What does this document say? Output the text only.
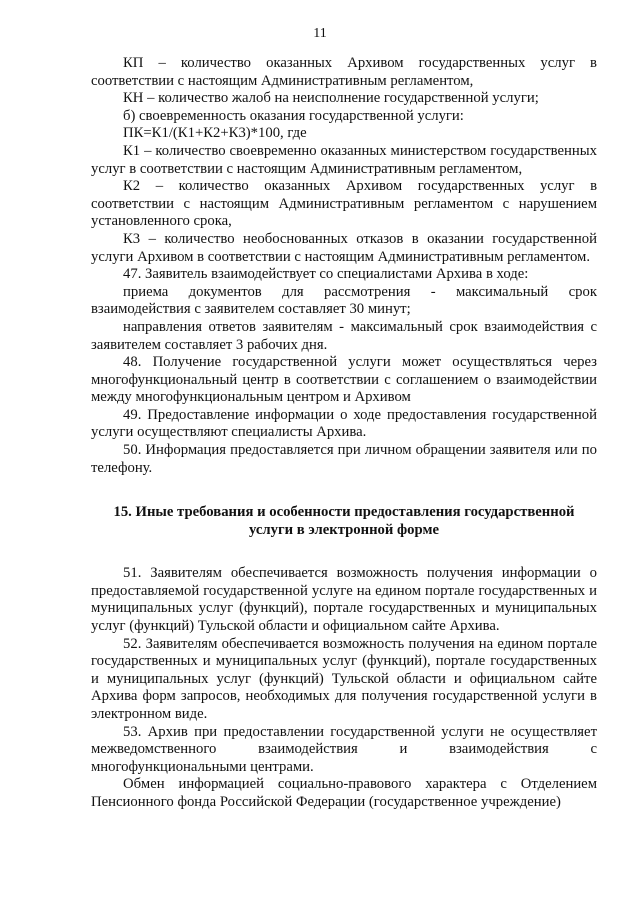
11

КП – количество оказанных Архивом государственных услуг в соответствии с настоящим Административным регламентом,

КН – количество жалоб на неисполнение государственной услуги;

б) своевременность оказания государственной услуги:

ПК=К1/(К1+К2+К3)*100, где

К1 – количество своевременно оказанных министерством государственных услуг в соответствии с настоящим Административным регламентом,

К2 – количество оказанных Архивом государственных услуг в соответствии с настоящим Административным регламентом с нарушением установленного срока,

К3 – количество необоснованных отказов в оказании государственной услуги Архивом в соответствии с настоящим Административным регламентом.

47. Заявитель взаимодействует со специалистами Архива в ходе:

приема документов для рассмотрения - максимальный срок взаимодействия с заявителем составляет 30 минут;

направления ответов заявителям - максимальный срок взаимодействия с заявителем составляет 3 рабочих дня.

48. Получение государственной услуги может осуществляться через многофункциональный центр в соответствии с соглашением о взаимодействии между многофункциональным центром и Архивом

49. Предоставление информации о ходе предоставления государственной услуги осуществляют специалисты Архива.

50. Информация предоставляется при личном обращении заявителя или по телефону.

15. Иные требования и особенности предоставления государственной услуги в электронной форме

51. Заявителям обеспечивается возможность получения информации о предоставляемой государственной услуге на едином портале государственных и муниципальных услуг (функций), портале государственных и муниципальных услуг (функций) Тульской области и официальном сайте Архива.

52. Заявителям обеспечивается возможность получения на едином портале государственных и муниципальных услуг (функций), портале государственных и муниципальных услуг (функций) Тульской области и официальном сайте Архива форм запросов, необходимых для получения государственной услуги в электронном виде.

53. Архив при предоставлении государственной услуги не осуществляет межведомственного взаимодействия и взаимодействия с многофункциональными центрами.

Обмен информацией социально-правового характера с Отделением Пенсионного фонда Российской Федерации (государственное учреждение)
